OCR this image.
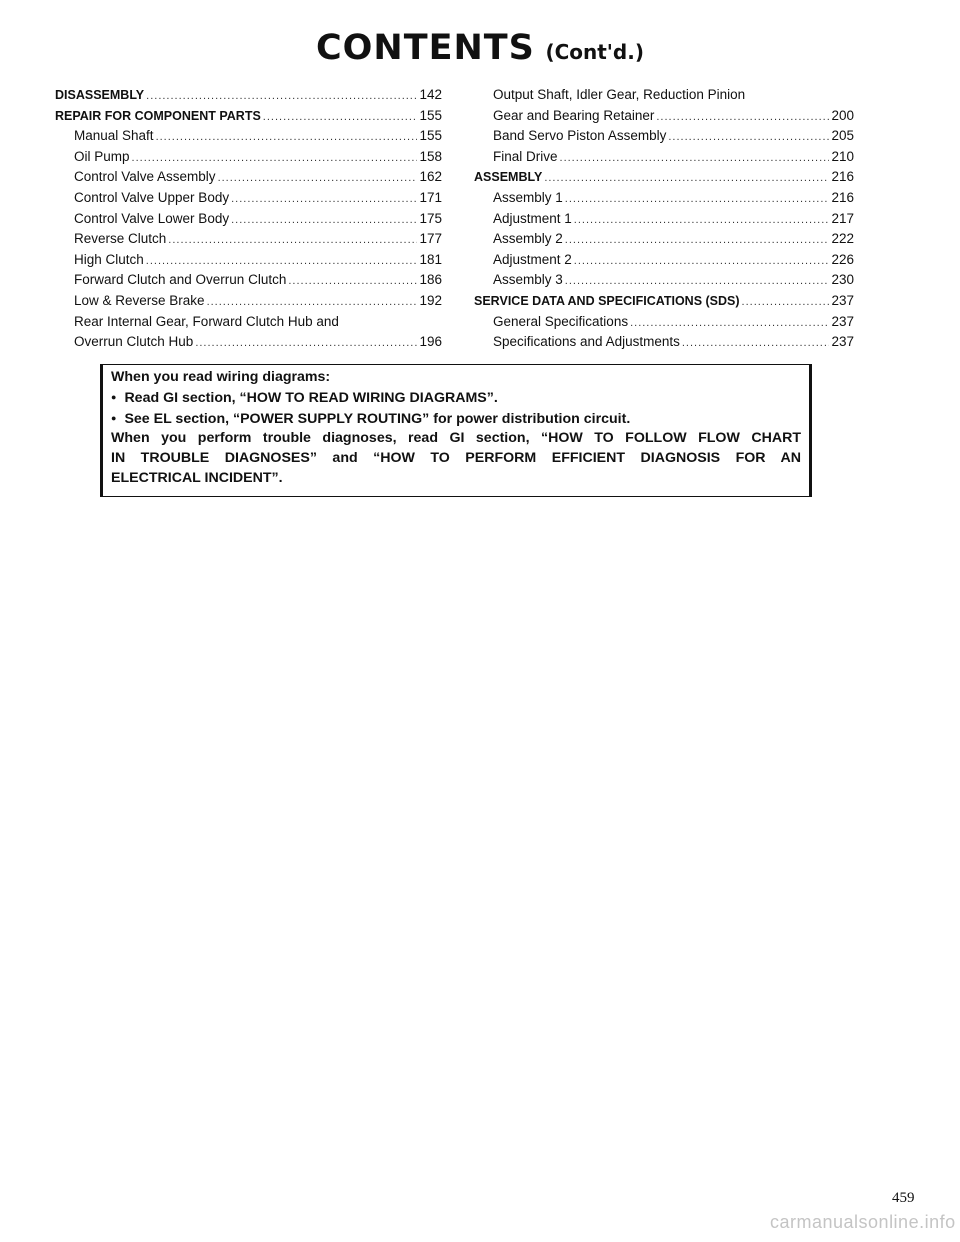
CONTENTS (Cont'd.)
DISASSEMBLY .....	142
REPAIR FOR COMPONENT PARTS .....	155
Manual Shaft .....	155
Oil Pump .....	158
Control Valve Assembly .....	162
Control Valve Upper Body .....	171
Control Valve Lower Body .....	175
Reverse Clutch .....	177
High Clutch .....	181
Forward Clutch and Overrun Clutch .....	186
Low & Reverse Brake .....	192
Rear Internal Gear, Forward Clutch Hub and
Overrun Clutch Hub .....	196
Output Shaft, Idler Gear, Reduction Pinion
Gear and Bearing Retainer .....	200
Band Servo Piston Assembly .....	205
Final Drive .....	210
ASSEMBLY .....	216
Assembly 1 .....	216
Adjustment 1 .....	217
Assembly 2 .....	222
Adjustment 2 .....	226
Assembly 3 .....	230
SERVICE DATA AND SPECIFICATIONS (SDS) .....	237
General Specifications .....	237
Specifications and Adjustments .....	237
When you read wiring diagrams:
● Read GI section, “HOW TO READ WIRING DIAGRAMS”.
● See EL section, “POWER SUPPLY ROUTING” for power distribution circuit.
When you perform trouble diagnoses, read GI section, “HOW TO FOLLOW FLOW CHART
IN TROUBLE DIAGNOSES” and “HOW TO PERFORM EFFICIENT DIAGNOSIS FOR AN
ELECTRICAL INCIDENT”.
459
carmanualsonline.info
